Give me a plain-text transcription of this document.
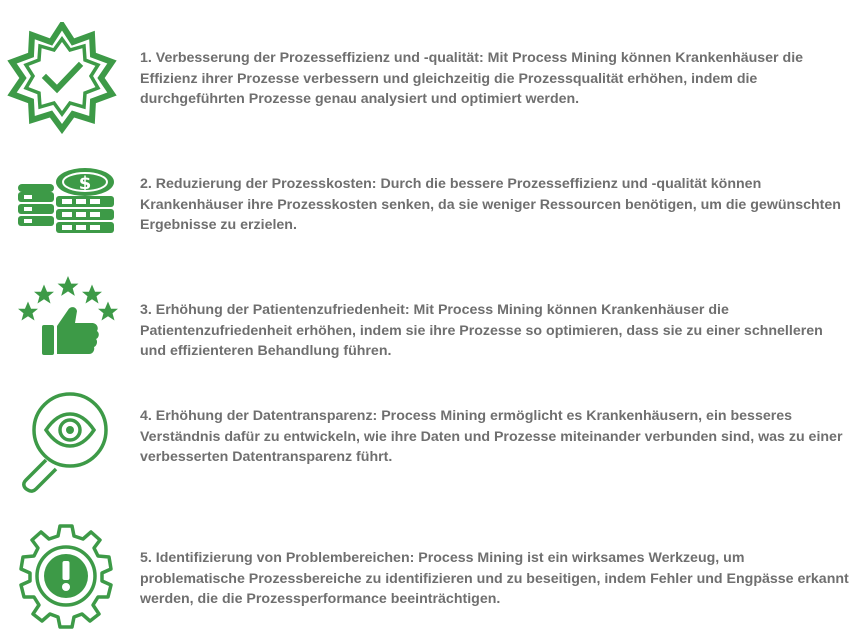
1. Verbesserung der Prozesseffizienz und -qualität: Mit Process Mining können Krankenhäuser die Effizienz ihrer Prozesse verbessern und gleichzeitig die Prozessqualität erhöhen, indem die durchgeführten Prozesse genau analysiert und optimiert werden.
$	2. Reduzierung der Prozesskosten: Durch die bessere Prozesseffizienz und -qualität können Krankenhäuser ihre Prozesskosten senken, da sie weniger Ressourcen benötigen, um die gewünschten Ergebnisse zu erzielen.
3. Erhöhung der Patientenzufriedenheit: Mit Process Mining können Krankenhäuser die Patientenzufriedenheit erhöhen, indem sie ihre Prozesse so optimieren, dass sie zu einer schnelleren und effizienteren Behandlung führen.
4. Erhöhung der Datentransparenz: Process Mining ermöglicht es Krankenhäusern, ein besseres Verständnis dafür zu entwickeln, wie ihre Daten und Prozesse miteinander verbunden sind, was zu einer verbesserten Datentransparenz führt.
5. Identifizierung von Problembereichen: Process Mining ist ein wirksames Werkzeug, um problematische Prozessbereiche zu identifizieren und zu beseitigen, indem Fehler und Engpässe erkannt werden, die die Prozessperformance beeinträchtigen.
